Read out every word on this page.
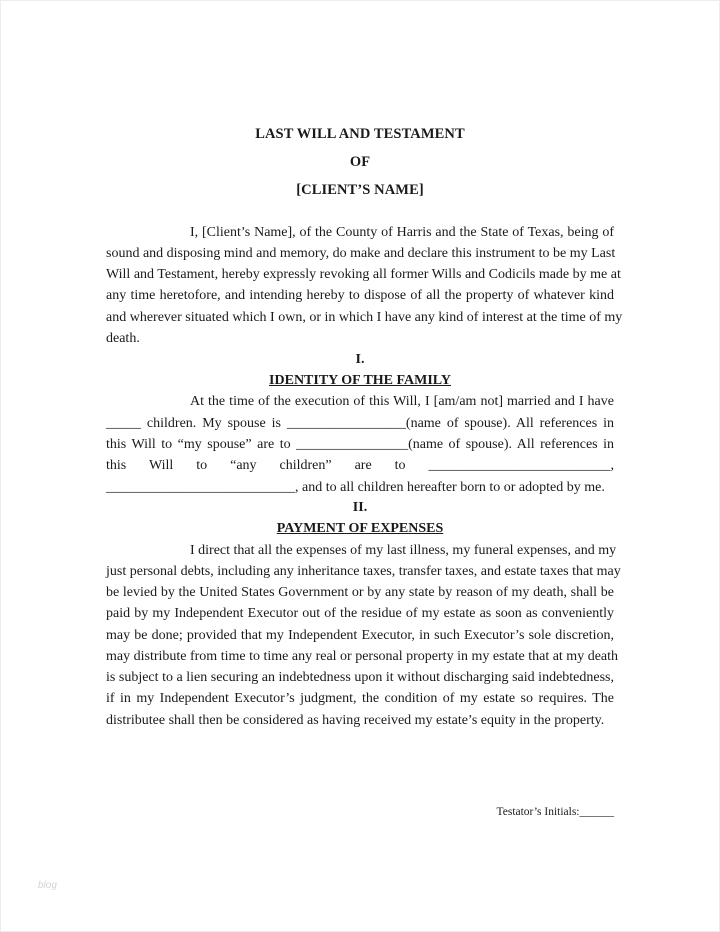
LAST WILL AND TESTAMENT
OF
[CLIENT’S NAME]
I, [Client’s Name], of the County of Harris and the State of Texas, being of
sound and disposing mind and memory, do make and declare this instrument to be my Last
Will and Testament, hereby expressly revoking all former Wills and Codicils made by me at
any time heretofore, and intending hereby to dispose of all the property of whatever kind
and wherever situated which I own, or in which I have any kind of interest at the time of my
death.
I.
IDENTITY OF THE FAMILY
At the time of the execution of this Will, I [am/am not] married and I have
_____ children. My spouse is _________________(name of spouse). All references in
this Will to “my spouse” are to ________________(name of spouse). All references in
this Will to “any children” are to __________________________,
___________________________, and to all children hereafter born to or adopted by me.
II.
PAYMENT OF EXPENSES
I direct that all the expenses of my last illness, my funeral expenses, and my
just personal debts, including any inheritance taxes, transfer taxes, and estate taxes that may
be levied by the United States Government or by any state by reason of my death, shall be
paid by my Independent Executor out of the residue of my estate as soon as conveniently
may be done; provided that my Independent Executor, in such Executor’s sole discretion,
may distribute from time to time any real or personal property in my estate that at my death
is subject to a lien securing an indebtedness upon it without discharging said indebtedness,
if in my Independent Executor’s judgment, the condition of my estate so requires. The
distributee shall then be considered as having received my estate’s equity in the property.
Testator’s Initials:______
blog
